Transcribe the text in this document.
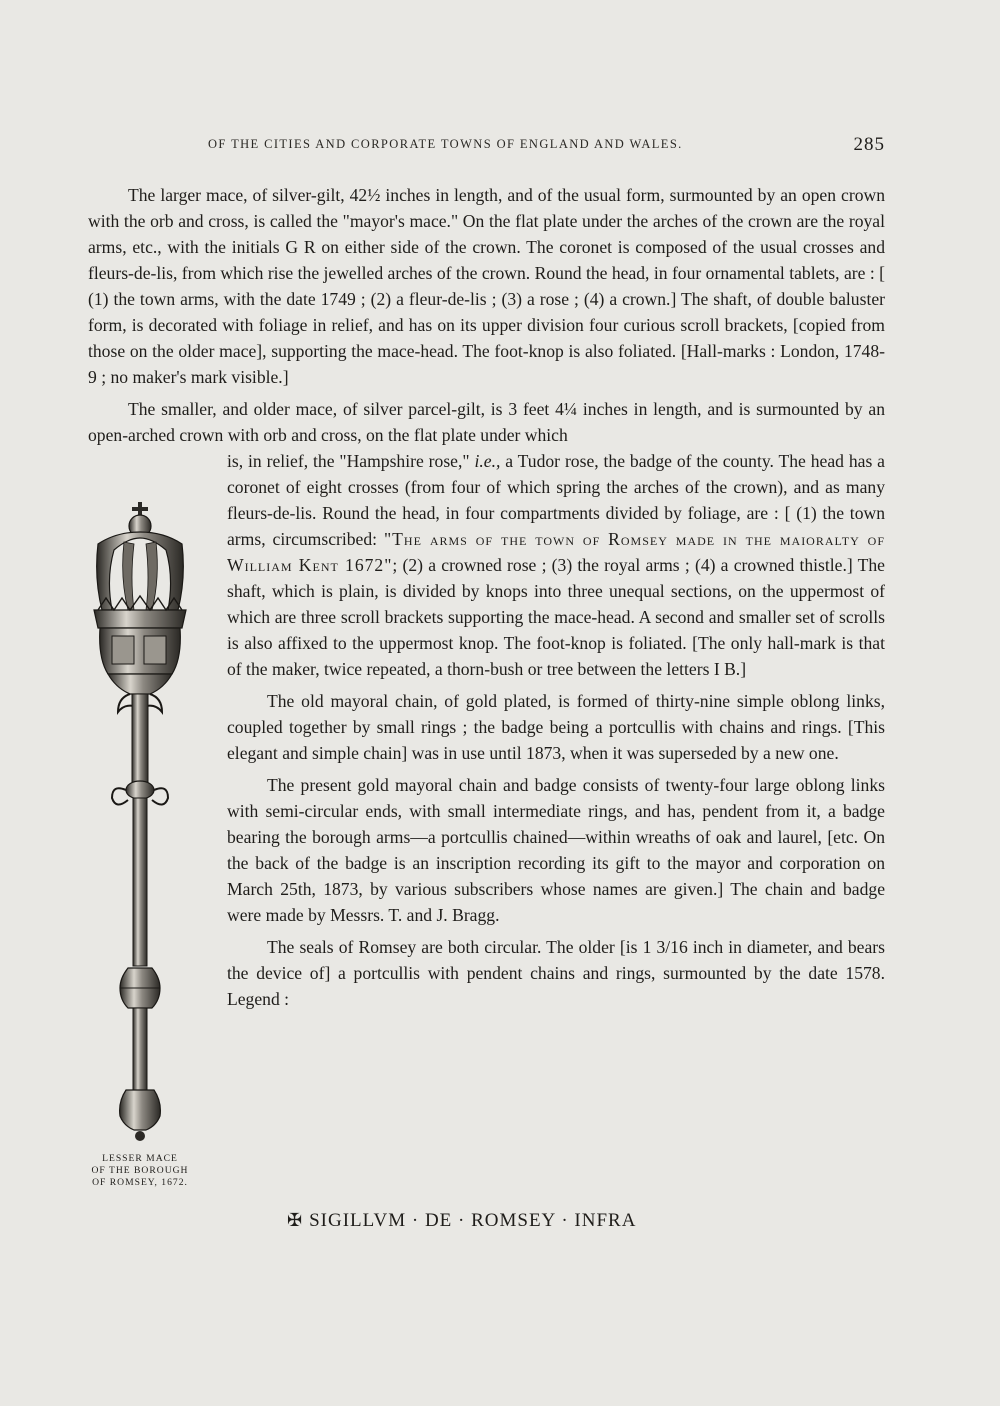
OF THE CITIES AND CORPORATE TOWNS OF ENGLAND AND WALES.	285

The larger mace, of silver-gilt, 42½ inches in length, and of the usual form, surmounted by an open crown with the orb and cross, is called the "mayor's mace." On the flat plate under the arches of the crown are the royal arms, etc., with the initials G R on either side of the crown. The coronet is composed of the usual crosses and fleurs-de-lis, from which rise the jewelled arches of the crown. Round the head, in four ornamental tablets, are : [ (1) the town arms, with the date 1749 ; (2) a fleur-de-lis ; (3) a rose ; (4) a crown.] The shaft, of double baluster form, is decorated with foliage in relief, and has on its upper division four curious scroll brackets, [copied from those on the older mace], supporting the mace-head. The foot-knop is also foliated. [Hall-marks : London, 1748-9 ; no maker's mark visible.]

The smaller, and older mace, of silver parcel-gilt, is 3 feet 4¼ inches in length, and is surmounted by an open-arched crown with orb and cross, on the flat plate under which

is, in relief, the "Hampshire rose," i.e., a Tudor rose, the badge of the county. The head has a coronet of eight crosses (from four of which spring the arches of the crown), and as many fleurs-de-lis. Round the head, in four compartments divided by foliage, are : [ (1) the town arms, circumscribed: "The arms of the town of Romsey made in the maioralty of William Kent 1672"; (2) a crowned rose ; (3) the royal arms ; (4) a crowned thistle.] The shaft, which is plain, is divided by knops into three unequal sections, on the uppermost of which are three scroll brackets supporting the mace-head. A second and smaller set of scrolls is also affixed to the uppermost knop. The foot-knop is foliated. [The only hall-mark is that of the maker, twice repeated, a thorn-bush or tree between the letters I B.]

The old mayoral chain, of gold plated, is formed of thirty-nine simple oblong links, coupled together by small rings ; the badge being a portcullis with chains and rings. [This elegant and simple chain] was in use until 1873, when it was superseded by a new one.

The present gold mayoral chain and badge consists of twenty-four large oblong links with semi-circular ends, with small intermediate rings, and has, pendent from it, a badge bearing the borough arms—a portcullis chained—within wreaths of oak and laurel, [etc. On the back of the badge is an inscription recording its gift to the mayor and corporation on March 25th, 1873, by various subscribers whose names are given.] The chain and badge were made by Messrs. T. and J. Bragg.

The seals of Romsey are both circular. The older [is 1 3/16 inch in diameter, and bears the device of] a portcullis with pendent chains and rings, surmounted by the date 1578. Legend :

LESSER MACE
OF THE BOROUGH
OF ROMSEY, 1672.
✠ SIGILLVM · DE · ROMSEY · INFRA
